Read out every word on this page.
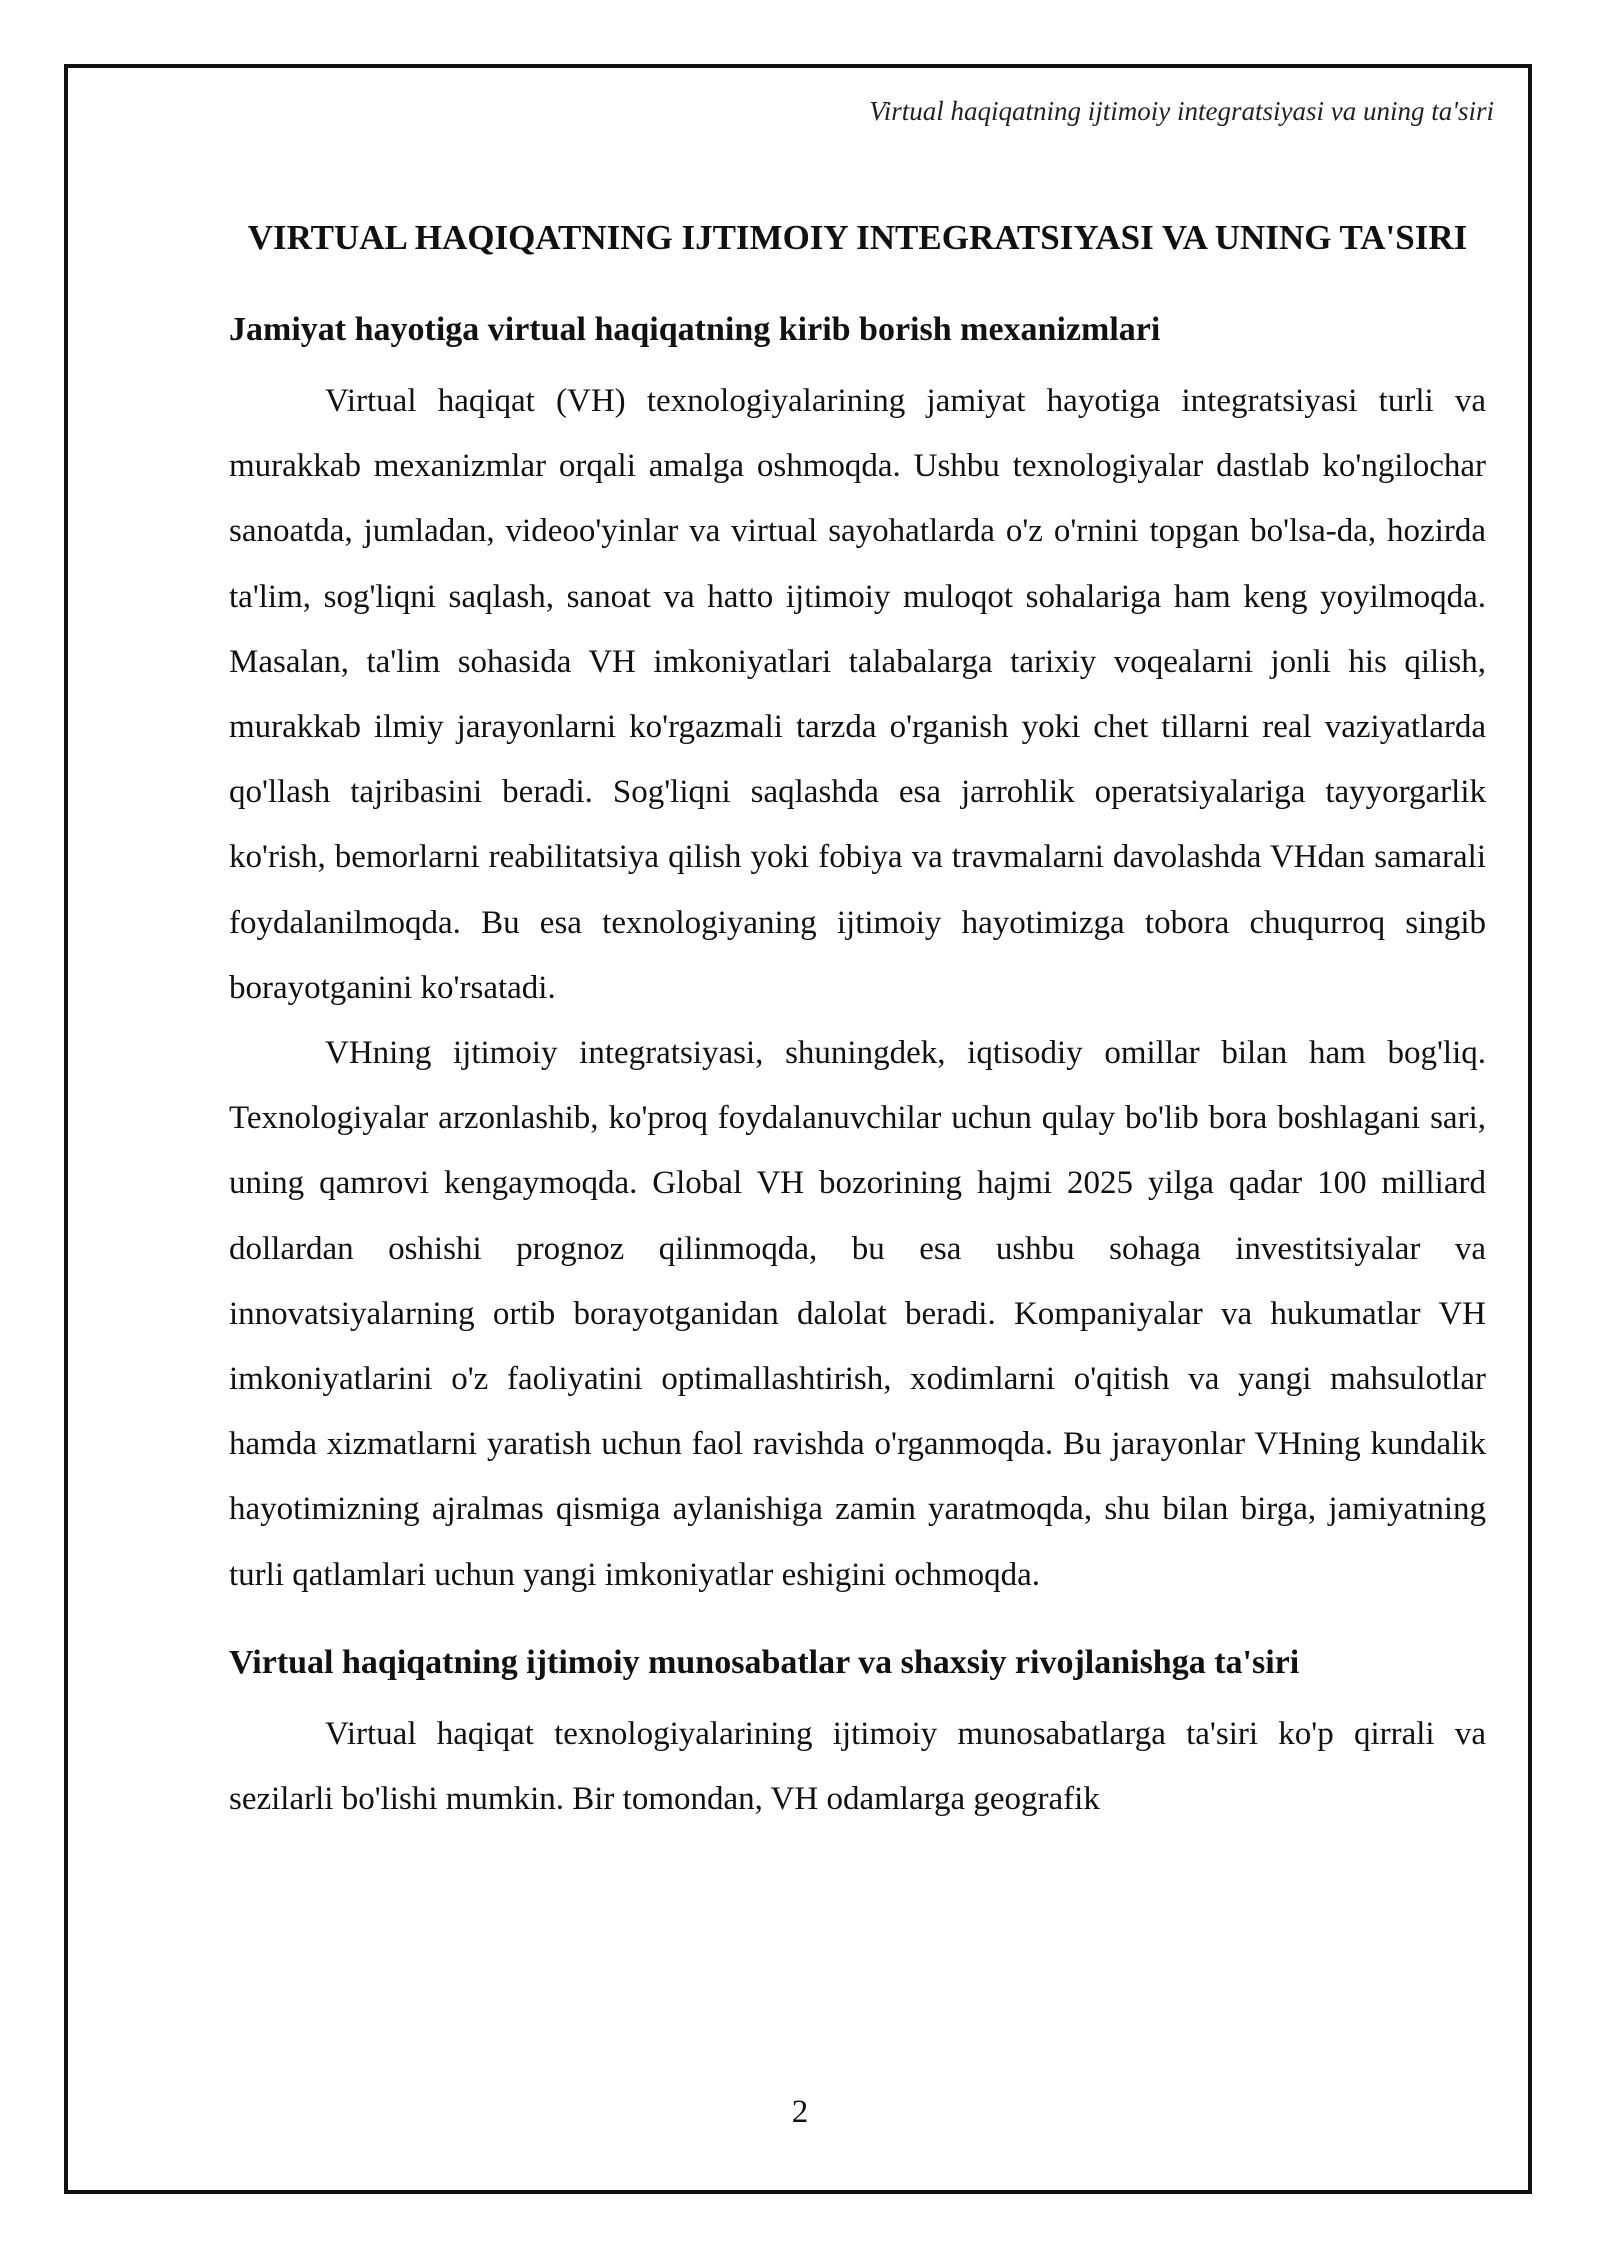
Virtual haqiqatning ijtimoiy integratsiyasi va uning ta'siri
VIRTUAL HAQIQATNING IJTIMOIY INTEGRATSIYASI VA UNING TA'SIRI
Jamiyat hayotiga virtual haqiqatning kirib borish mexanizmlari

Virtual haqiqat (VH) texnologiyalarining jamiyat hayotiga integratsiyasi turli va murakkab mexanizmlar orqali amalga oshmoqda. Ushbu texnologiyalar dastlab ko'ngilochar sanoatda, jumladan, videoo'yinlar va virtual sayohatlarda o'z o'rnini topgan bo'lsa-da, hozirda ta'lim, sog'liqni saqlash, sanoat va hatto ijtimoiy muloqot sohalariga ham keng yoyilmoqda. Masalan, ta'lim sohasida VH imkoniyatlari talabalarga tarixiy voqealarni jonli his qilish, murakkab ilmiy jarayonlarni ko'rgazmali tarzda o'rganish yoki chet tillarni real vaziyatlarda qo'llash tajribasini beradi. Sog'liqni saqlashda esa jarrohlik operatsiyalariga tayyorgarlik ko'rish, bemorlarni reabilitatsiya qilish yoki fobiya va travmalarni davolashda VHdan samarali foydalanilmoqda. Bu esa texnologiyaning ijtimoiy hayotimizga tobora chuqurroq singib borayotganini ko'rsatadi.

VHning ijtimoiy integratsiyasi, shuningdek, iqtisodiy omillar bilan ham bog'liq. Texnologiyalar arzonlashib, ko'proq foydalanuvchilar uchun qulay bo'lib bora boshlagani sari, uning qamrovi kengaymoqda. Global VH bozorining hajmi 2025 yilga qadar 100 milliard dollardan oshishi prognoz qilinmoqda, bu esa ushbu sohaga investitsiyalar va innovatsiyalarning ortib borayotganidan dalolat beradi. Kompaniyalar va hukumatlar VH imkoniyatlarini o'z faoliyatini optimallashtirish, xodimlarni o'qitish va yangi mahsulotlar hamda xizmatlarni yaratish uchun faol ravishda o'rganmoqda. Bu jarayonlar VHning kundalik hayotimizning ajralmas qismiga aylanishiga zamin yaratmoqda, shu bilan birga, jamiyatning turli qatlamlari uchun yangi imkoniyatlar eshigini ochmoqda.

Virtual haqiqatning ijtimoiy munosabatlar va shaxsiy rivojlanishga ta'siri

Virtual haqiqat texnologiyalarining ijtimoiy munosabatlarga ta'siri ko'p qirrali va sezilarli bo'lishi mumkin. Bir tomondan, VH odamlarga geografik

2
